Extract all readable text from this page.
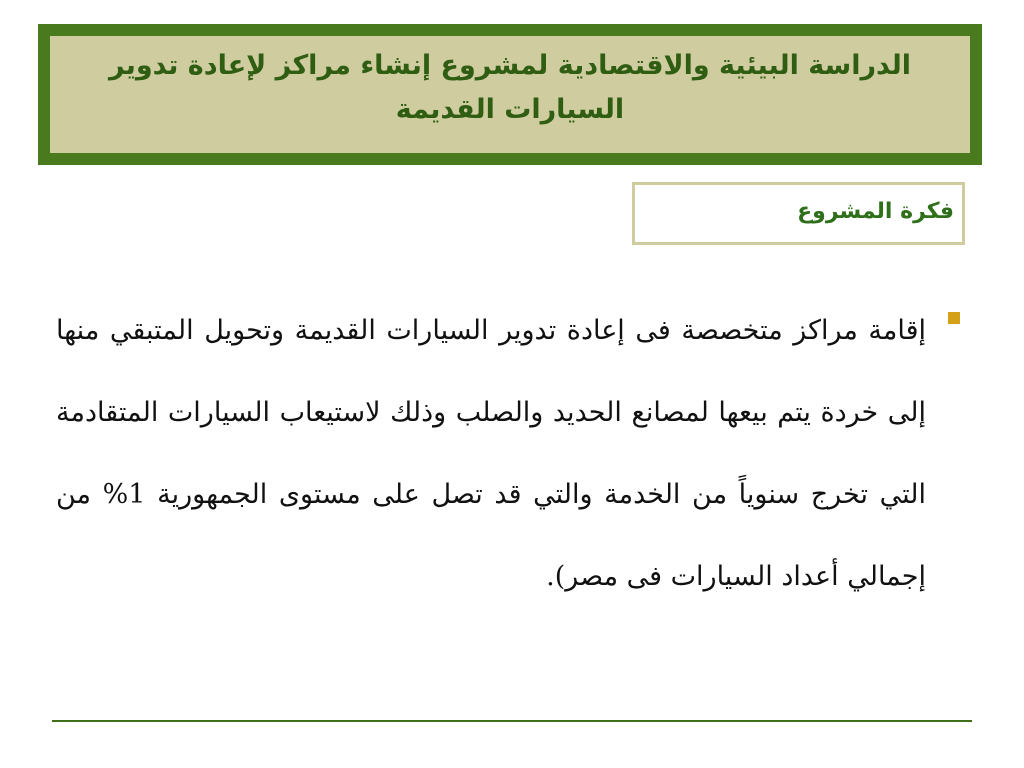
الدراسة البيئية والاقتصادية لمشروع إنشاء مراكز لإعادة تدوير السيارات القديمة
فكرة المشروع

إقامة مراكز متخصصة فى إعادة تدوير السيارات القديمة وتحويل المتبقي منها إلى خردة يتم بيعها لمصانع الحديد والصلب وذلك لاستيعاب السيارات المتقادمة التي تخرج سنوياً من الخدمة والتي قد تصل على مستوى الجمهورية 1% من إجمالي أعداد السيارات فى مصر).
